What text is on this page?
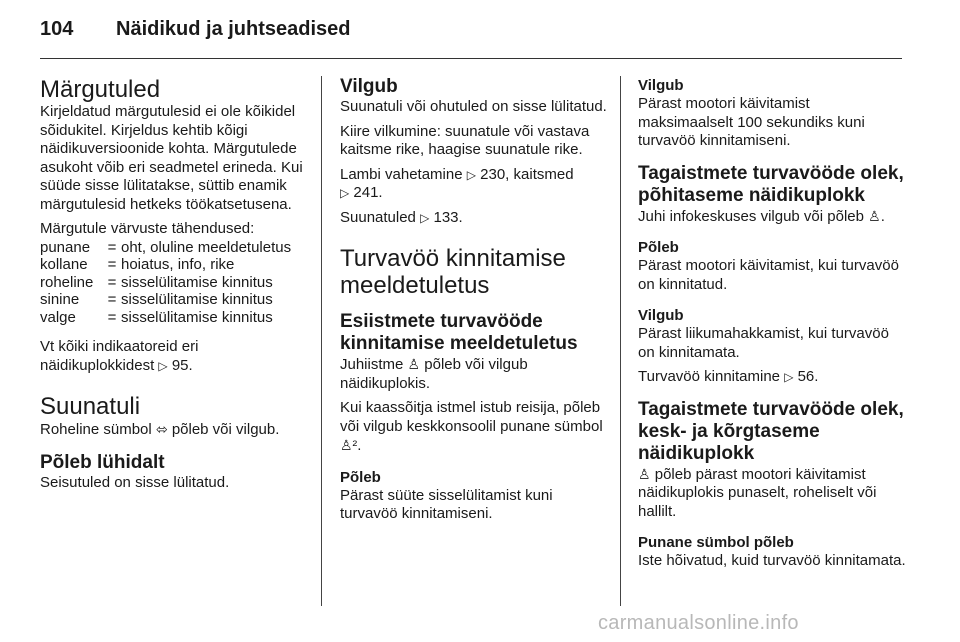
104	Näidikud ja juhtseadised
Märgutuled
Kirjeldatud märgutulesid ei ole kõikidel sõidukitel. Kirjeldus kehtib kõigi näidikuversioonide kohta. Märgutulede asukoht võib eri seadmetel erineda. Kui süüde sisse lülitatakse, süttib enamik märgutulesid hetkeks töökatsetusena.
Märgutule värvuste tähendused:
punane	=	oht, oluline meeldetuletus
kollane	=	hoiatus, info, rike
roheline	=	sisselülitamise kinnitus
sinine	=	sisselülitamise kinnitus
valge	=	sisselülitamise kinnitus
Vt kõiki indikaatoreid eri näidikuplokkidest ▷ 95.
Suunatuli
Roheline sümbol ⬄ põleb või vilgub.
Põleb lühidalt
Seisutuled on sisse lülitatud.
Vilgub
Suunatuli või ohutuled on sisse lülitatud.
Kiire vilkumine: suunatule või vastava kaitsme rike, haagise suunatule rike.
Lambi vahetamine ▷ 230, kaitsmed
▷ 241.
Suunatuled ▷ 133.
Turvavöö kinnitamise meeldetuletus
Esiistmete turvavööde kinnitamise meeldetuletus
Juhiistme ♙ põleb või vilgub näidikuplokis.
Kui kaassõitja istmel istub reisija, põleb või vilgub keskkonsoolil punane sümbol ♙².
Põleb
Pärast süüte sisselülitamist kuni turvavöö kinnitamiseni.
Vilgub
Pärast mootori käivitamist maksimaalselt 100 sekundiks kuni turvavöö kinnitamiseni.
Tagaistmete turvavööde olek, põhitaseme näidikuplokk
Juhi infokeskuses vilgub või põleb ♙.
Põleb
Pärast mootori käivitamist, kui turvavöö on kinnitatud.
Vilgub
Pärast liikumahakkamist, kui turvavöö on kinnitamata.
Turvavöö kinnitamine ▷ 56.
Tagaistmete turvavööde olek, kesk- ja kõrgtaseme näidikuplokk
♙ põleb pärast mootori käivitamist näidikuplokis punaselt, roheliselt või hallilt.
Punane sümbol põleb
Iste hõivatud, kuid turvavöö kinnitamata.
carmanualsonline.info
